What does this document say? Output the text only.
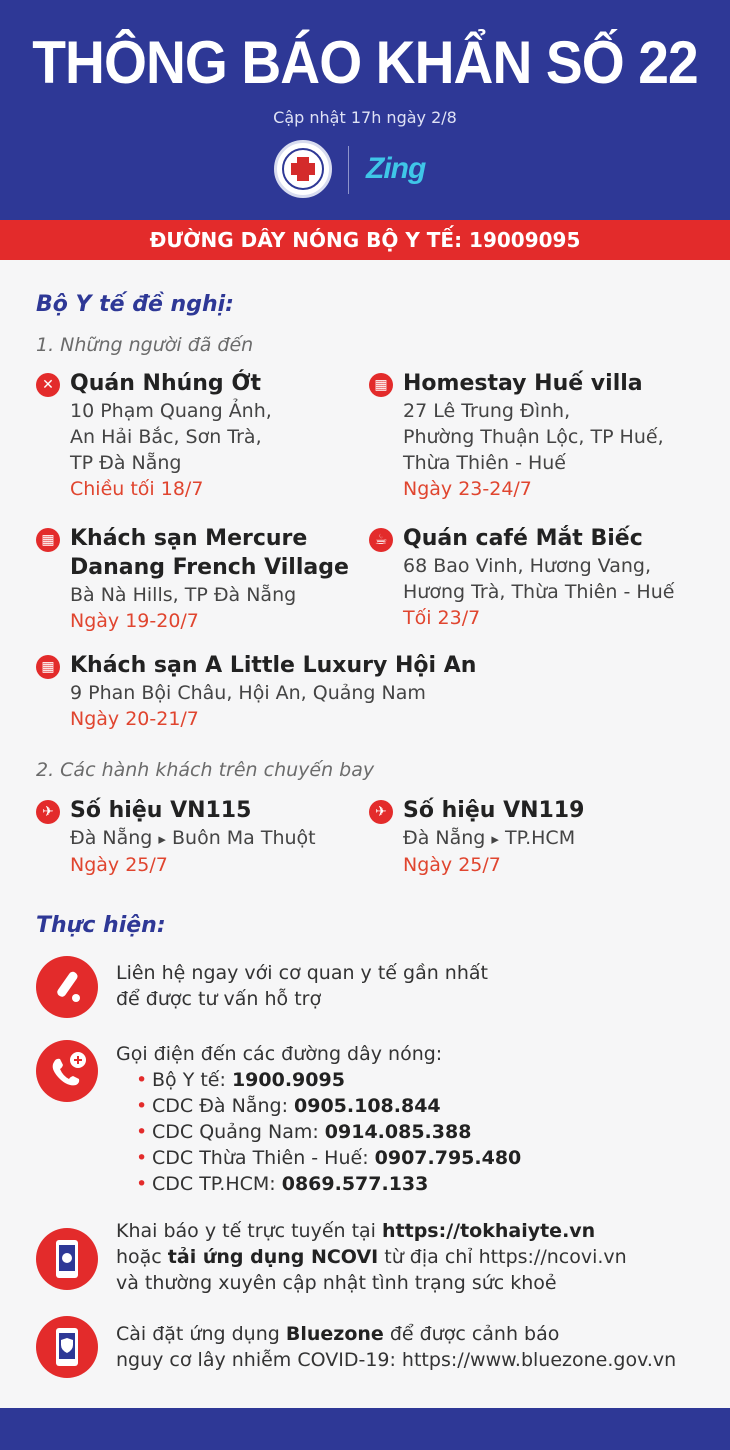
THÔNG BÁO KHẨN SỐ 22
Cập nhật 17h ngày 2/8
Zing
ĐƯỜNG DÂY NÓNG BỘ Y TẾ: 19009095
Bộ Y tế đề nghị:
1. Những người đã đến
✕ Quán Nhúng Ớt
10 Phạm Quang Ảnh,
An Hải Bắc, Sơn Trà,
TP Đà Nẵng
Chiều tối 18/7
▦ Homestay Huế villa
27 Lê Trung Đình,
Phường Thuận Lộc, TP Huế,
Thừa Thiên - Huế
Ngày 23-24/7
▦ Khách sạn Mercure
Danang French Village
Bà Nà Hills, TP Đà Nẵng
Ngày 19-20/7
☕ Quán café Mắt Biếc
68 Bao Vinh, Hương Vang,
Hương Trà, Thừa Thiên - Huế
Tối 23/7
▦ Khách sạn A Little Luxury Hội An
9 Phan Bội Châu, Hội An, Quảng Nam
Ngày 20-21/7
2. Các hành khách trên chuyến bay
✈ Số hiệu VN115
Đà Nẵng ▸ Buôn Ma Thuột
Ngày 25/7
✈ Số hiệu VN119
Đà Nẵng ▸ TP.HCM
Ngày 25/7
Thực hiện:
Liên hệ ngay với cơ quan y tế gần nhất
để được tư vấn hỗ trợ
Gọi điện đến các đường dây nóng:
• Bộ Y tế: 1900.9095
• CDC Đà Nẵng: 0905.108.844
• CDC Quảng Nam: 0914.085.388
• CDC Thừa Thiên - Huế: 0907.795.480
• CDC TP.HCM: 0869.577.133
Khai báo y tế trực tuyến tại https://tokhaiyte.vn
hoặc tải ứng dụng NCOVI từ địa chỉ https://ncovi.vn
và thường xuyên cập nhật tình trạng sức khoẻ
Cài đặt ứng dụng Bluezone để được cảnh báo
nguy cơ lây nhiễm COVID-19: https://www.bluezone.gov.vn
